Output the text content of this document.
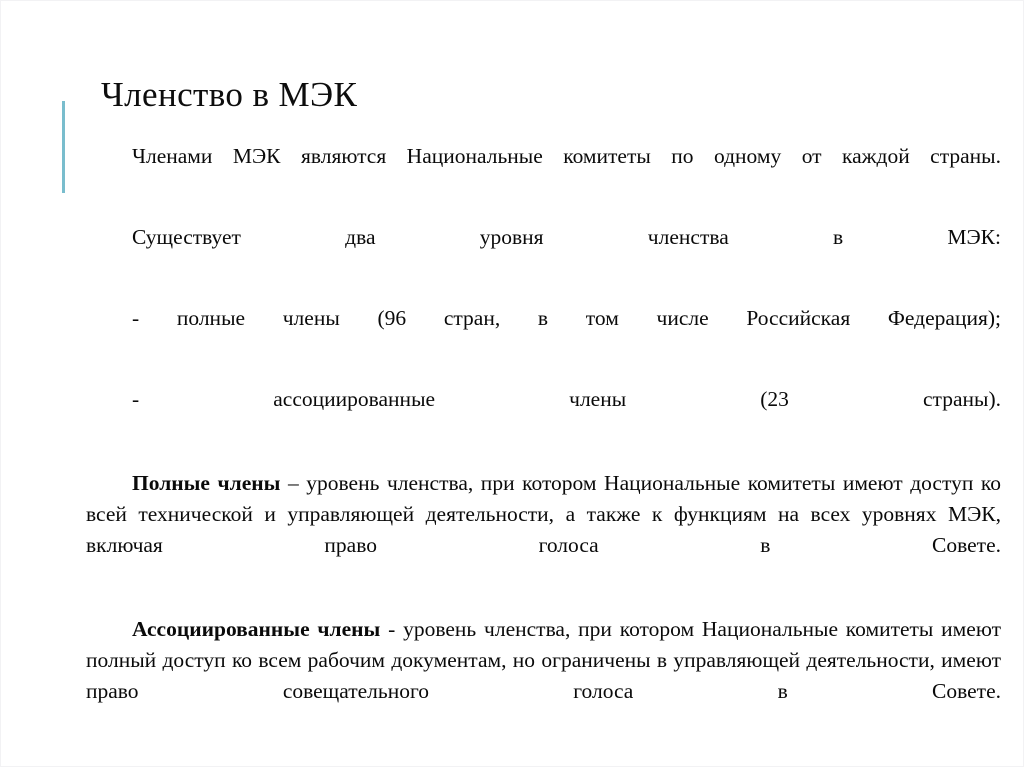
Членство в МЭК

Членами МЭК являются Национальные комитеты по одному от каждой страны.

Существует два уровня членства в МЭК:

- полные члены (96 стран, в том числе Российская Федерация);

- ассоциированные члены (23 страны).

Полные члены – уровень членства, при котором Национальные комитеты имеют доступ ко всей технической и управляющей деятельности, а также к функциям на всех уровнях МЭК, включая право голоса в Совете.

Ассоциированные члены - уровень членства, при котором Национальные комитеты имеют полный доступ ко всем рабочим документам, но ограничены в управляющей деятельности, имеют право совещательного голоса в Совете.
